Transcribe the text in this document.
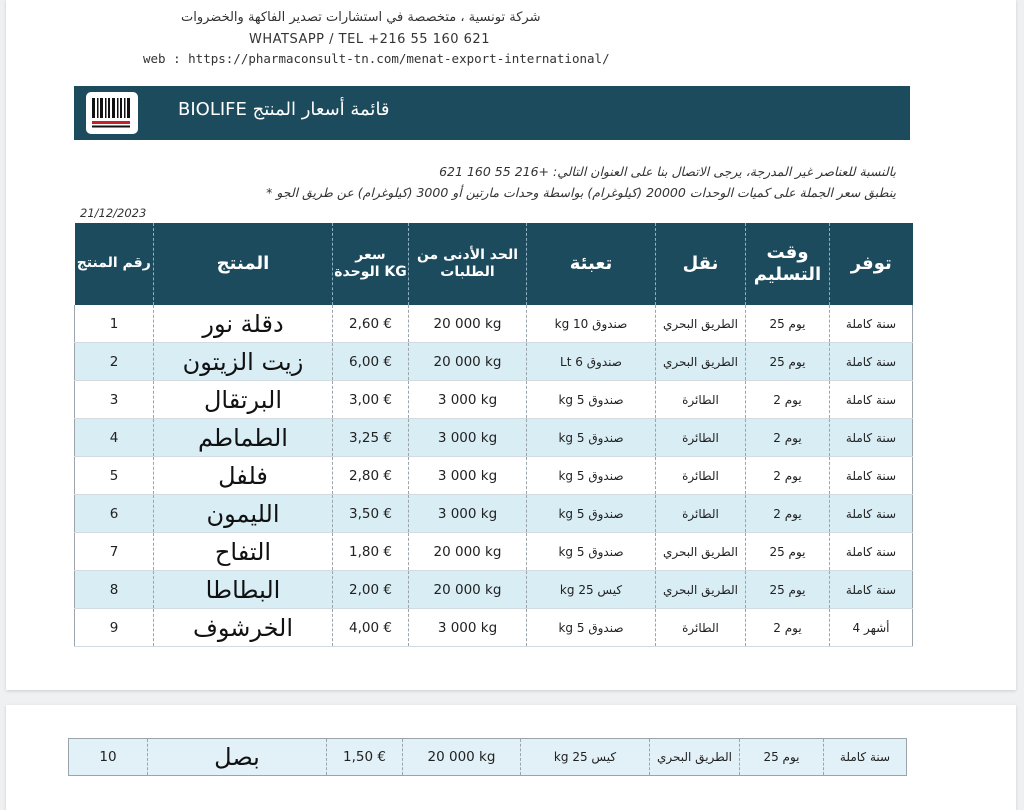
شركة تونسية ، متخصصة في استشارات تصدير الفاكهة والخضروات
WHATSAPP / TEL +216 55 160 621
web : https://pharmaconsult-tn.com/menat-export-international/
قائمة أسعار المنتج BIOLIFE
بالنسبة للعناصر غير المدرجة، يرجى الاتصال بنا على العنوان التالي: +216 55 160 621
ينطبق سعر الجملة على كميات الوحدات 20000 (كيلوغرام) بواسطة وحدات مارتين أو 3000 (كيلوغرام) عن طريق الجو *
21/12/2023
رقم المنتج	المنتج	سعر الوحدة KG	الحد الأدنى من الطلبات	تعبئة	نقل	وقت التسليم	توفر
1	دقلة نور	2,60 €	20 000 kg	صندوق 10 kg	الطريق البحري	يوم 25	سنة كاملة
2	زيت الزيتون	6,00 €	20 000 kg	صندوق 6 Lt	الطريق البحري	يوم 25	سنة كاملة
3	البرتقال	3,00 €	3 000 kg	صندوق 5 kg	الطائرة	يوم 2	سنة كاملة
4	الطماطم	3,25 €	3 000 kg	صندوق 5 kg	الطائرة	يوم 2	سنة كاملة
5	فلفل	2,80 €	3 000 kg	صندوق 5 kg	الطائرة	يوم 2	سنة كاملة
6	الليمون	3,50 €	3 000 kg	صندوق 5 kg	الطائرة	يوم 2	سنة كاملة
7	التفاح	1,80 €	20 000 kg	صندوق 5 kg	الطريق البحري	يوم 25	سنة كاملة
8	البطاطا	2,00 €	20 000 kg	كيس 25 kg	الطريق البحري	يوم 25	سنة كاملة
9	الخرشوف	4,00 €	3 000 kg	صندوق 5 kg	الطائرة	يوم 2	أشهر 4
10	بصل	1,50 €	20 000 kg	كيس 25 kg	الطريق البحري	يوم 25	سنة كاملة
